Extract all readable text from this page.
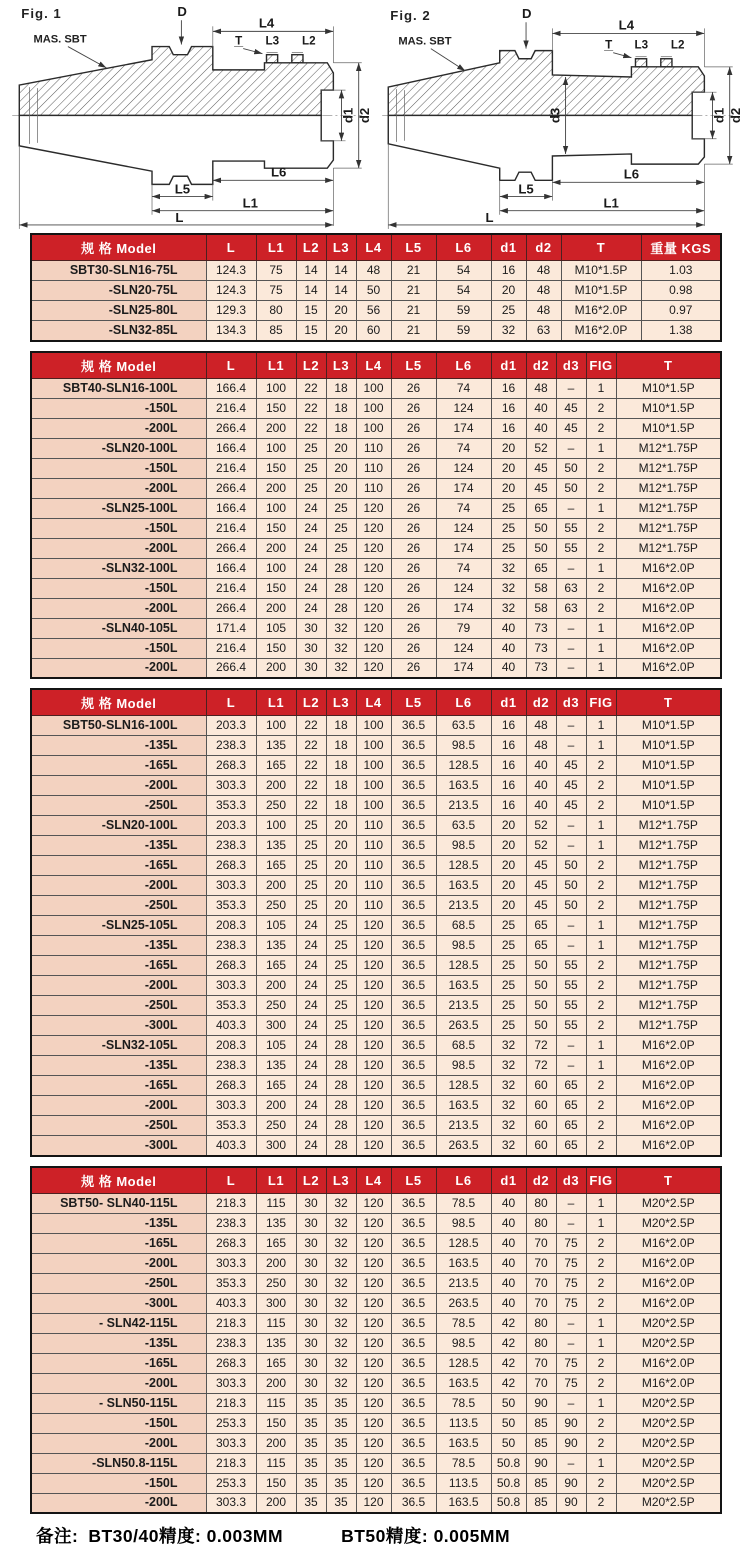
D
L4
T L3 L2
d1 d2
L6
L5
L1
L
MAS. SBT
Fig. 1	D
L4
T L3 L2
d3	d1 d2
L6
L5
L1
L
MAS. SBT
Fig. 2
规 格 Model	L	L1	L2	L3	L4	L5	L6	d1	d2	T	重量 KGS
SBT30-SLN16-75L	124.3	75	14	14	48	21	54	16	48	M10*1.5P	1.03
-SLN20-75L	124.3	75	14	14	50	21	54	20	48	M10*1.5P	0.98
-SLN25-80L	129.3	80	15	20	56	21	59	25	48	M16*2.0P	0.97
-SLN32-85L	134.3	85	15	20	60	21	59	32	63	M16*2.0P	1.38
规 格 Model	L	L1	L2	L3	L4	L5	L6	d1	d2	d3	FIG	T
SBT40-SLN16-100L	166.4	100	22	18	100	26	74	16	48	–	1	M10*1.5P
-150L	216.4	150	22	18	100	26	124	16	40	45	2	M10*1.5P
-200L	266.4	200	22	18	100	26	174	16	40	45	2	M10*1.5P
-SLN20-100L	166.4	100	25	20	110	26	74	20	52	–	1	M12*1.75P
-150L	216.4	150	25	20	110	26	124	20	45	50	2	M12*1.75P
-200L	266.4	200	25	20	110	26	174	20	45	50	2	M12*1.75P
-SLN25-100L	166.4	100	24	25	120	26	74	25	65	–	1	M12*1.75P
-150L	216.4	150	24	25	120	26	124	25	50	55	2	M12*1.75P
-200L	266.4	200	24	25	120	26	174	25	50	55	2	M12*1.75P
-SLN32-100L	166.4	100	24	28	120	26	74	32	65	–	1	M16*2.0P
-150L	216.4	150	24	28	120	26	124	32	58	63	2	M16*2.0P
-200L	266.4	200	24	28	120	26	174	32	58	63	2	M16*2.0P
-SLN40-105L	171.4	105	30	32	120	26	79	40	73	–	1	M16*2.0P
-150L	216.4	150	30	32	120	26	124	40	73	–	1	M16*2.0P
-200L	266.4	200	30	32	120	26	174	40	73	–	1	M16*2.0P
规 格 Model	L	L1	L2	L3	L4	L5	L6	d1	d2	d3	FIG	T
SBT50-SLN16-100L	203.3	100	22	18	100	36.5	63.5	16	48	–	1	M10*1.5P
-135L	238.3	135	22	18	100	36.5	98.5	16	48	–	1	M10*1.5P
-165L	268.3	165	22	18	100	36.5	128.5	16	40	45	2	M10*1.5P
-200L	303.3	200	22	18	100	36.5	163.5	16	40	45	2	M10*1.5P
-250L	353.3	250	22	18	100	36.5	213.5	16	40	45	2	M10*1.5P
-SLN20-100L	203.3	100	25	20	110	36.5	63.5	20	52	–	1	M12*1.75P
-135L	238.3	135	25	20	110	36.5	98.5	20	52	–	1	M12*1.75P
-165L	268.3	165	25	20	110	36.5	128.5	20	45	50	2	M12*1.75P
-200L	303.3	200	25	20	110	36.5	163.5	20	45	50	2	M12*1.75P
-250L	353.3	250	25	20	110	36.5	213.5	20	45	50	2	M12*1.75P
-SLN25-105L	208.3	105	24	25	120	36.5	68.5	25	65	–	1	M12*1.75P
-135L	238.3	135	24	25	120	36.5	98.5	25	65	–	1	M12*1.75P
-165L	268.3	165	24	25	120	36.5	128.5	25	50	55	2	M12*1.75P
-200L	303.3	200	24	25	120	36.5	163.5	25	50	55	2	M12*1.75P
-250L	353.3	250	24	25	120	36.5	213.5	25	50	55	2	M12*1.75P
-300L	403.3	300	24	25	120	36.5	263.5	25	50	55	2	M12*1.75P
-SLN32-105L	208.3	105	24	28	120	36.5	68.5	32	72	–	1	M16*2.0P
-135L	238.3	135	24	28	120	36.5	98.5	32	72	–	1	M16*2.0P
-165L	268.3	165	24	28	120	36.5	128.5	32	60	65	2	M16*2.0P
-200L	303.3	200	24	28	120	36.5	163.5	32	60	65	2	M16*2.0P
-250L	353.3	250	24	28	120	36.5	213.5	32	60	65	2	M16*2.0P
-300L	403.3	300	24	28	120	36.5	263.5	32	60	65	2	M16*2.0P
规 格 Model	L	L1	L2	L3	L4	L5	L6	d1	d2	d3	FIG	T
SBT50- SLN40-115L	218.3	115	30	32	120	36.5	78.5	40	80	–	1	M20*2.5P
-135L	238.3	135	30	32	120	36.5	98.5	40	80	–	1	M20*2.5P
-165L	268.3	165	30	32	120	36.5	128.5	40	70	75	2	M16*2.0P
-200L	303.3	200	30	32	120	36.5	163.5	40	70	75	2	M16*2.0P
-250L	353.3	250	30	32	120	36.5	213.5	40	70	75	2	M16*2.0P
-300L	403.3	300	30	32	120	36.5	263.5	40	70	75	2	M16*2.0P
- SLN42-115L	218.3	115	30	32	120	36.5	78.5	42	80	–	1	M20*2.5P
-135L	238.3	135	30	32	120	36.5	98.5	42	80	–	1	M20*2.5P
-165L	268.3	165	30	32	120	36.5	128.5	42	70	75	2	M16*2.0P
-200L	303.3	200	30	32	120	36.5	163.5	42	70	75	2	M16*2.0P
- SLN50-115L	218.3	115	35	35	120	36.5	78.5	50	90	–	1	M20*2.5P
-150L	253.3	150	35	35	120	36.5	113.5	50	85	90	2	M20*2.5P
-200L	303.3	200	35	35	120	36.5	163.5	50	85	90	2	M20*2.5P
-SLN50.8-115L	218.3	115	35	35	120	36.5	78.5	50.8	90	–	1	M20*2.5P
-150L	253.3	150	35	35	120	36.5	113.5	50.8	85	90	2	M20*2.5P
-200L	303.3	200	35	35	120	36.5	163.5	50.8	85	90	2	M20*2.5P
备注: BT30/40精度: 0.003MM	BT50精度: 0.005MM
